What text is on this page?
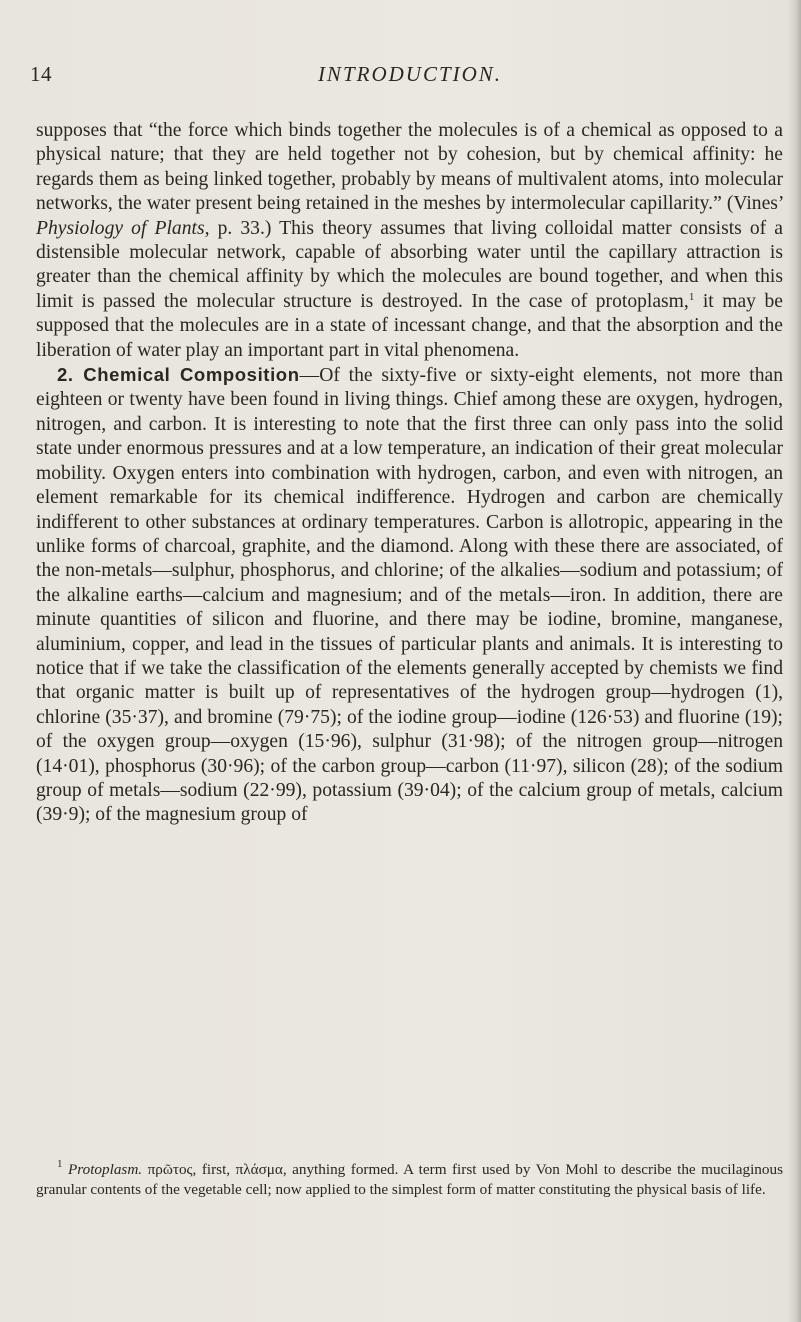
14	INTRODUCTION.

supposes that “the force which binds together the molecules is of a chemical as opposed to a physical nature; that they are held together not by cohesion, but by chemical affinity: he regards them as being linked together, probably by means of multivalent atoms, into molecular networks, the water present being retained in the meshes by intermolecular capillarity.” (Vines’ Physiology of Plants, p. 33.) This theory assumes that living colloidal matter consists of a distensible molecular network, capable of absorbing water until the capillary attraction is greater than the chemical affinity by which the molecules are bound together, and when this limit is passed the molecular structure is destroyed. In the case of protoplasm,$^1$ it may be supposed that the molecules are in a state of incessant change, and that the absorption and the liberation of water play an important part in vital phenomena.

2. Chemical Composition—Of the sixty-five or sixty-eight elements, not more than eighteen or twenty have been found in living things. Chief among these are oxygen, hydrogen, nitrogen, and carbon. It is interesting to note that the first three can only pass into the solid state under enormous pressures and at a low temperature, an indication of their great molecular mobility. Oxygen enters into combination with hydrogen, carbon, and even with nitrogen, an element remarkable for its chemical indifference. Hydrogen and carbon are chemically indifferent to other substances at ordinary temperatures. Carbon is allotropic, appearing in the unlike forms of charcoal, graphite, and the diamond. Along with these there are associated, of the non-metals—sulphur, phosphorus, and chlorine; of the alkalies—sodium and potassium; of the alkaline earths—calcium and magnesium; and of the metals—iron. In addition, there are minute quantities of silicon and fluorine, and there may be iodine, bromine, manganese, aluminium, copper, and lead in the tissues of particular plants and animals. It is interesting to notice that if we take the classification of the elements generally accepted by chemists we find that organic matter is built up of representatives of the hydrogen group—hydrogen (1), chlorine (35·37), and bromine (79·75); of the iodine group—iodine (126·53) and fluorine (19); of the oxygen group—oxygen (15·96), sulphur (31·98); of the nitrogen group—nitrogen (14·01), phosphorus (30·96); of the carbon group—carbon (11·97), silicon (28); of the sodium group of metals—sodium (22·99), potassium (39·04); of the calcium group of metals, calcium (39·9); of the magnesium group of

$^1$ Protoplasm. πρῶτος, first, πλάσμα, anything formed. A term first used by Von Mohl to describe the mucilaginous granular contents of the vegetable cell; now applied to the simplest form of matter constituting the physical basis of life.
